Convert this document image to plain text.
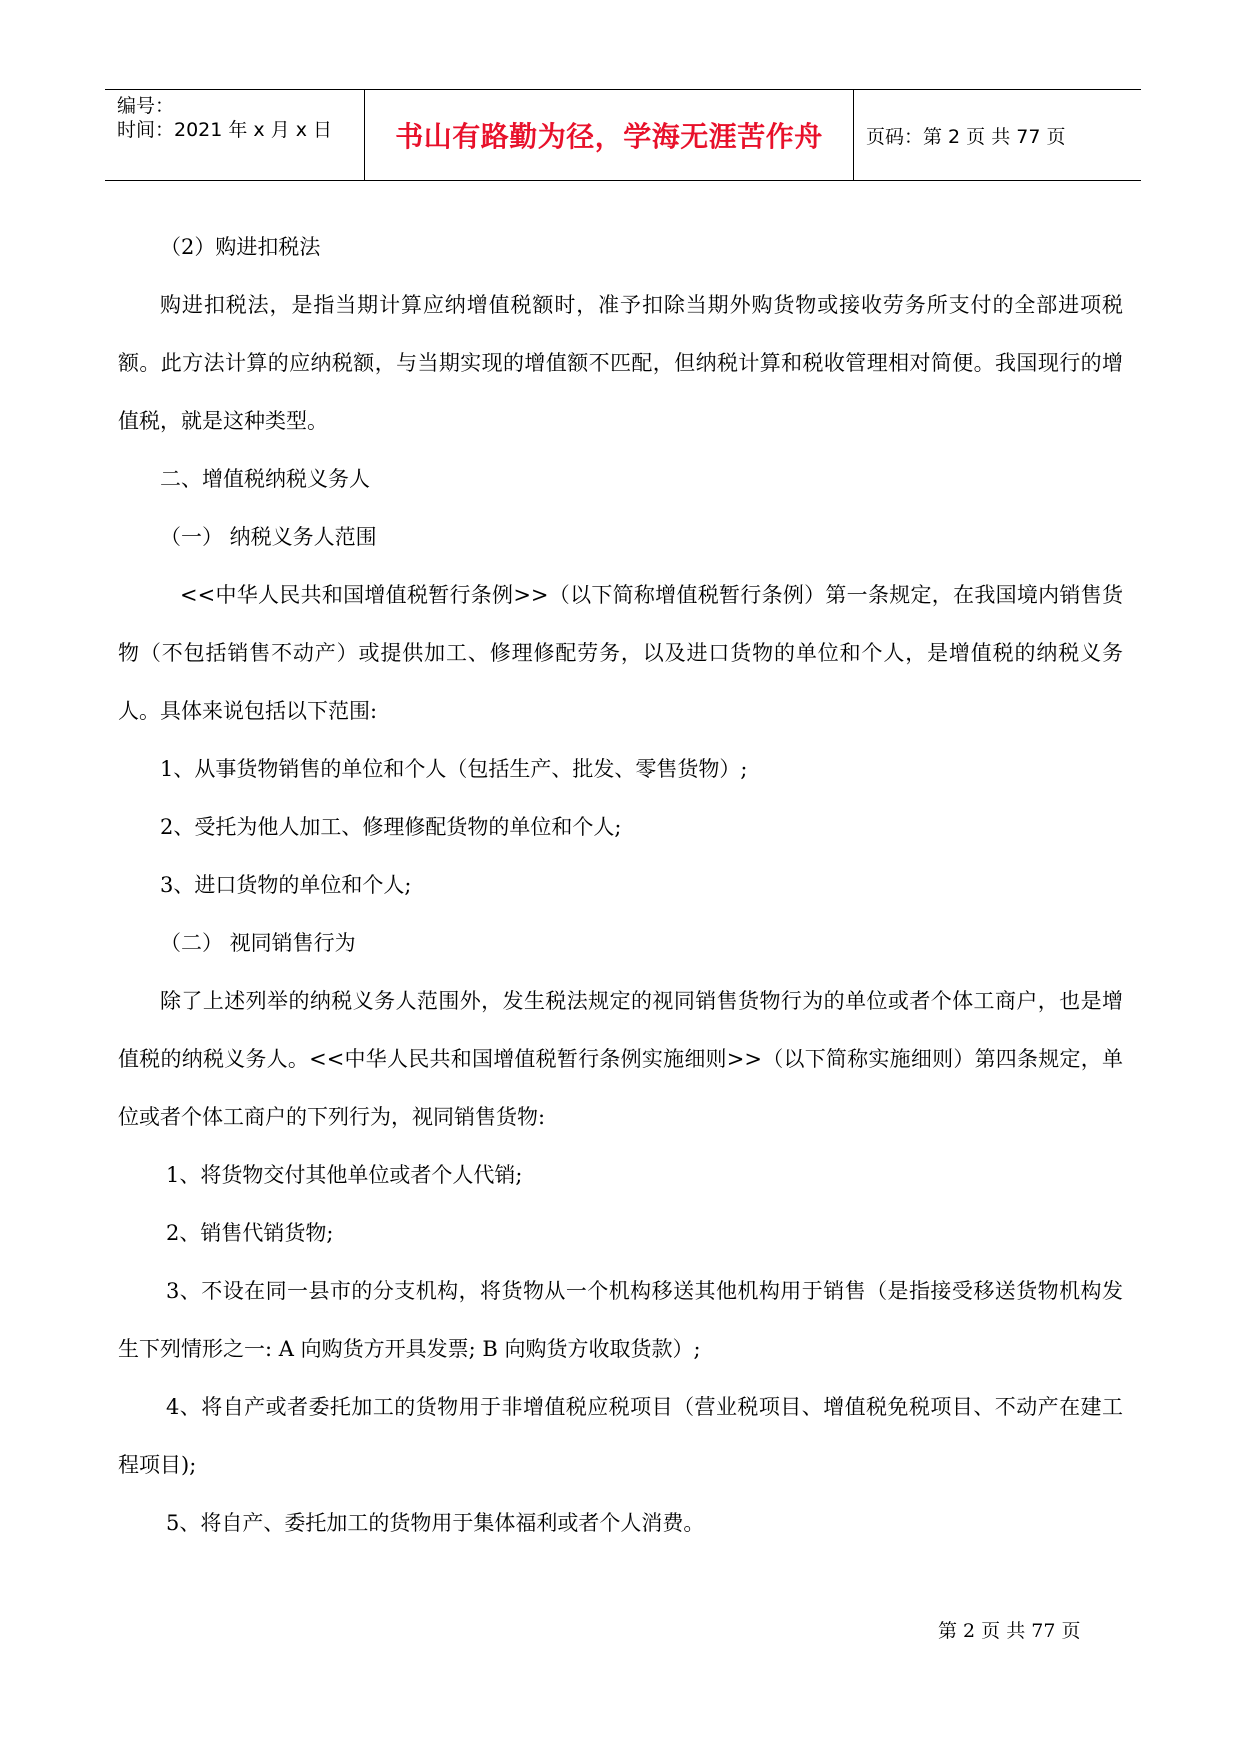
编号：
时间：2021 年 x 月 x 日 书山有路勤为径，学海无涯苦作舟	页码：第 2 页 共 77 页

（2）购进扣税法

购进扣税法，是指当期计算应纳增值税额时，准予扣除当期外购货物或接收劳务所支付的全部进项税额。此方法计算的应纳税额，与当期实现的增值额不匹配，但纳税计算和税收管理相对简便。我国现行的增值税，就是这种类型。

二、增值税纳税义务人

（一） 纳税义务人范围

<<中华人民共和国增值税暂行条例>>（以下简称增值税暂行条例）第一条规定，在我国境内销售货物（不包括销售不动产）或提供加工、修理修配劳务，以及进口货物的单位和个人，是增值税的纳税义务人。具体来说包括以下范围:

1、从事货物销售的单位和个人（包括生产、批发、零售货物）;

2、受托为他人加工、修理修配货物的单位和个人;

3、进口货物的单位和个人;

（二） 视同销售行为

除了上述列举的纳税义务人范围外，发生税法规定的视同销售货物行为的单位或者个体工商户，也是增值税的纳税义务人。<<中华人民共和国增值税暂行条例实施细则>>（以下简称实施细则）第四条规定，单位或者个体工商户的下列行为，视同销售货物:

1、将货物交付其他单位或者个人代销;

2、销售代销货物;

3、不设在同一县市的分支机构，将货物从一个机构移送其他机构用于销售（是指接受移送货物机构发生下列情形之一: A 向购货方开具发票; B 向购货方收取货款）;

4、将自产或者委托加工的货物用于非增值税应税项目（营业税项目、增值税免税项目、不动产在建工程项目);

5、将自产、委托加工的货物用于集体福利或者个人消费。

第 2 页 共 77 页
